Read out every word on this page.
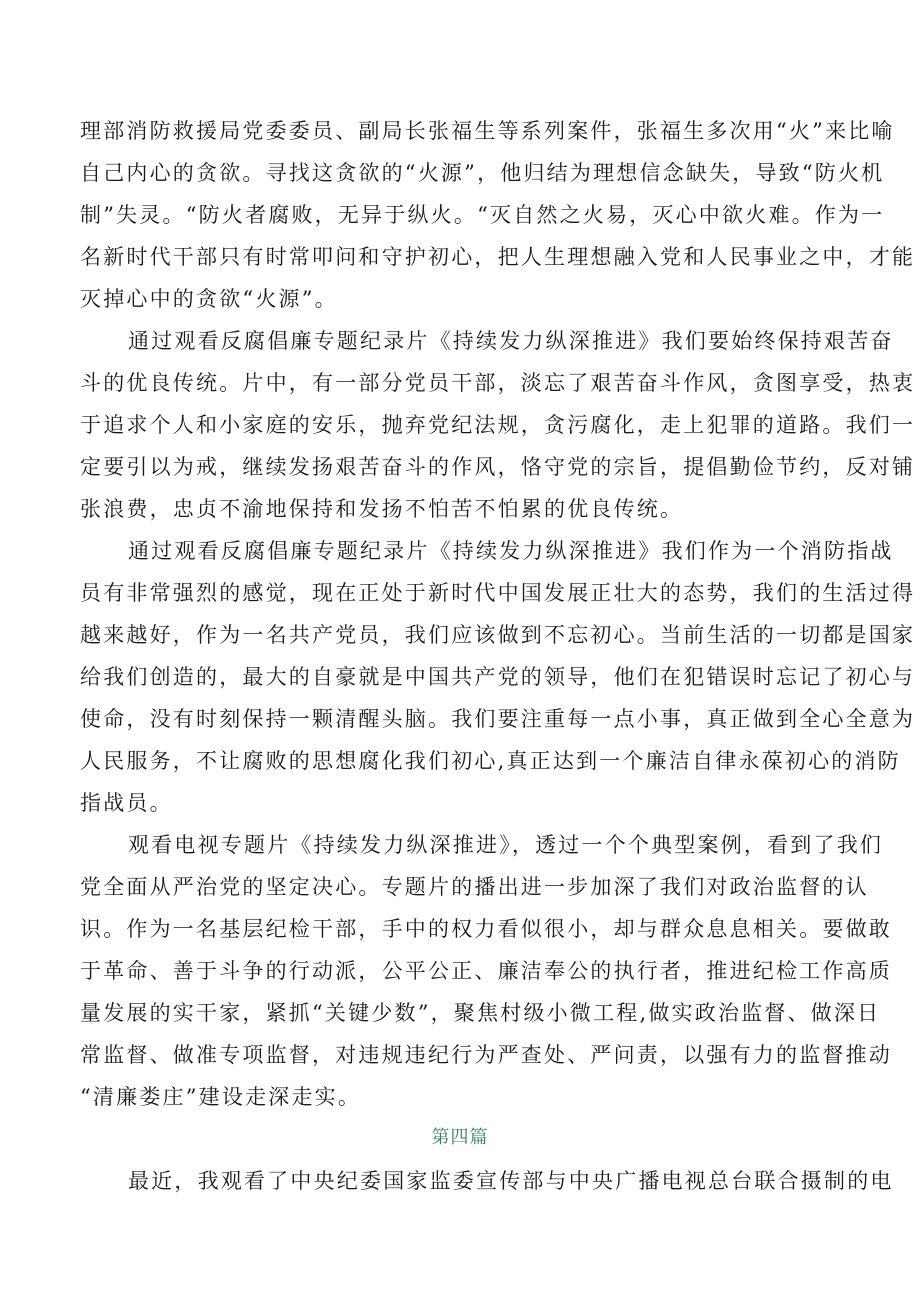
理部消防救援局党委委员、副局长张福生等系列案件，张福生多次用“火”来比喻
自己内心的贪欲。寻找这贪欲的“火源”，他归结为理想信念缺失，导致“防火机
制”失灵。“防火者腐败，无异于纵火。“灭自然之火易，灭心中欲火难。作为一
名新时代干部只有时常叩问和守护初心，把人生理想融入党和人民事业之中，才能
灭掉心中的贪欲“火源”。
通过观看反腐倡廉专题纪录片《持续发力纵深推进》我们要始终保持艰苦奋
斗的优良传统。片中，有一部分党员干部，淡忘了艰苦奋斗作风，贪图享受，热衷
于追求个人和小家庭的安乐，抛弃党纪法规，贪污腐化，走上犯罪的道路。我们一
定要引以为戒，继续发扬艰苦奋斗的作风，恪守党的宗旨，提倡勤俭节约，反对铺
张浪费，忠贞不渝地保持和发扬不怕苦不怕累的优良传统。
通过观看反腐倡廉专题纪录片《持续发力纵深推进》我们作为一个消防指战
员有非常强烈的感觉，现在正处于新时代中国发展正壮大的态势，我们的生活过得
越来越好，作为一名共产党员，我们应该做到不忘初心。当前生活的一切都是国家
给我们创造的，最大的自豪就是中国共产党的领导，他们在犯错误时忘记了初心与
使命，没有时刻保持一颗清醒头脑。我们要注重每一点小事，真正做到全心全意为
人民服务，不让腐败的思想腐化我们初心,真正达到一个廉洁自律永葆初心的消防
指战员。
观看电视专题片《持续发力纵深推进》，透过一个个典型案例，看到了我们
党全面从严治党的坚定决心。专题片的播出进一步加深了我们对政治监督的认
识。作为一名基层纪检干部，手中的权力看似很小，却与群众息息相关。要做敢
于革命、善于斗争的行动派，公平公正、廉洁奉公的执行者，推进纪检工作高质
量发展的实干家，紧抓“关键少数”，聚焦村级小微工程,做实政治监督、做深日
常监督、做准专项监督，对违规违纪行为严查处、严问责，以强有力的监督推动
“清廉娄庄”建设走深走实。
第四篇
最近，我观看了中央纪委国家监委宣传部与中央广播电视总台联合摄制的电
